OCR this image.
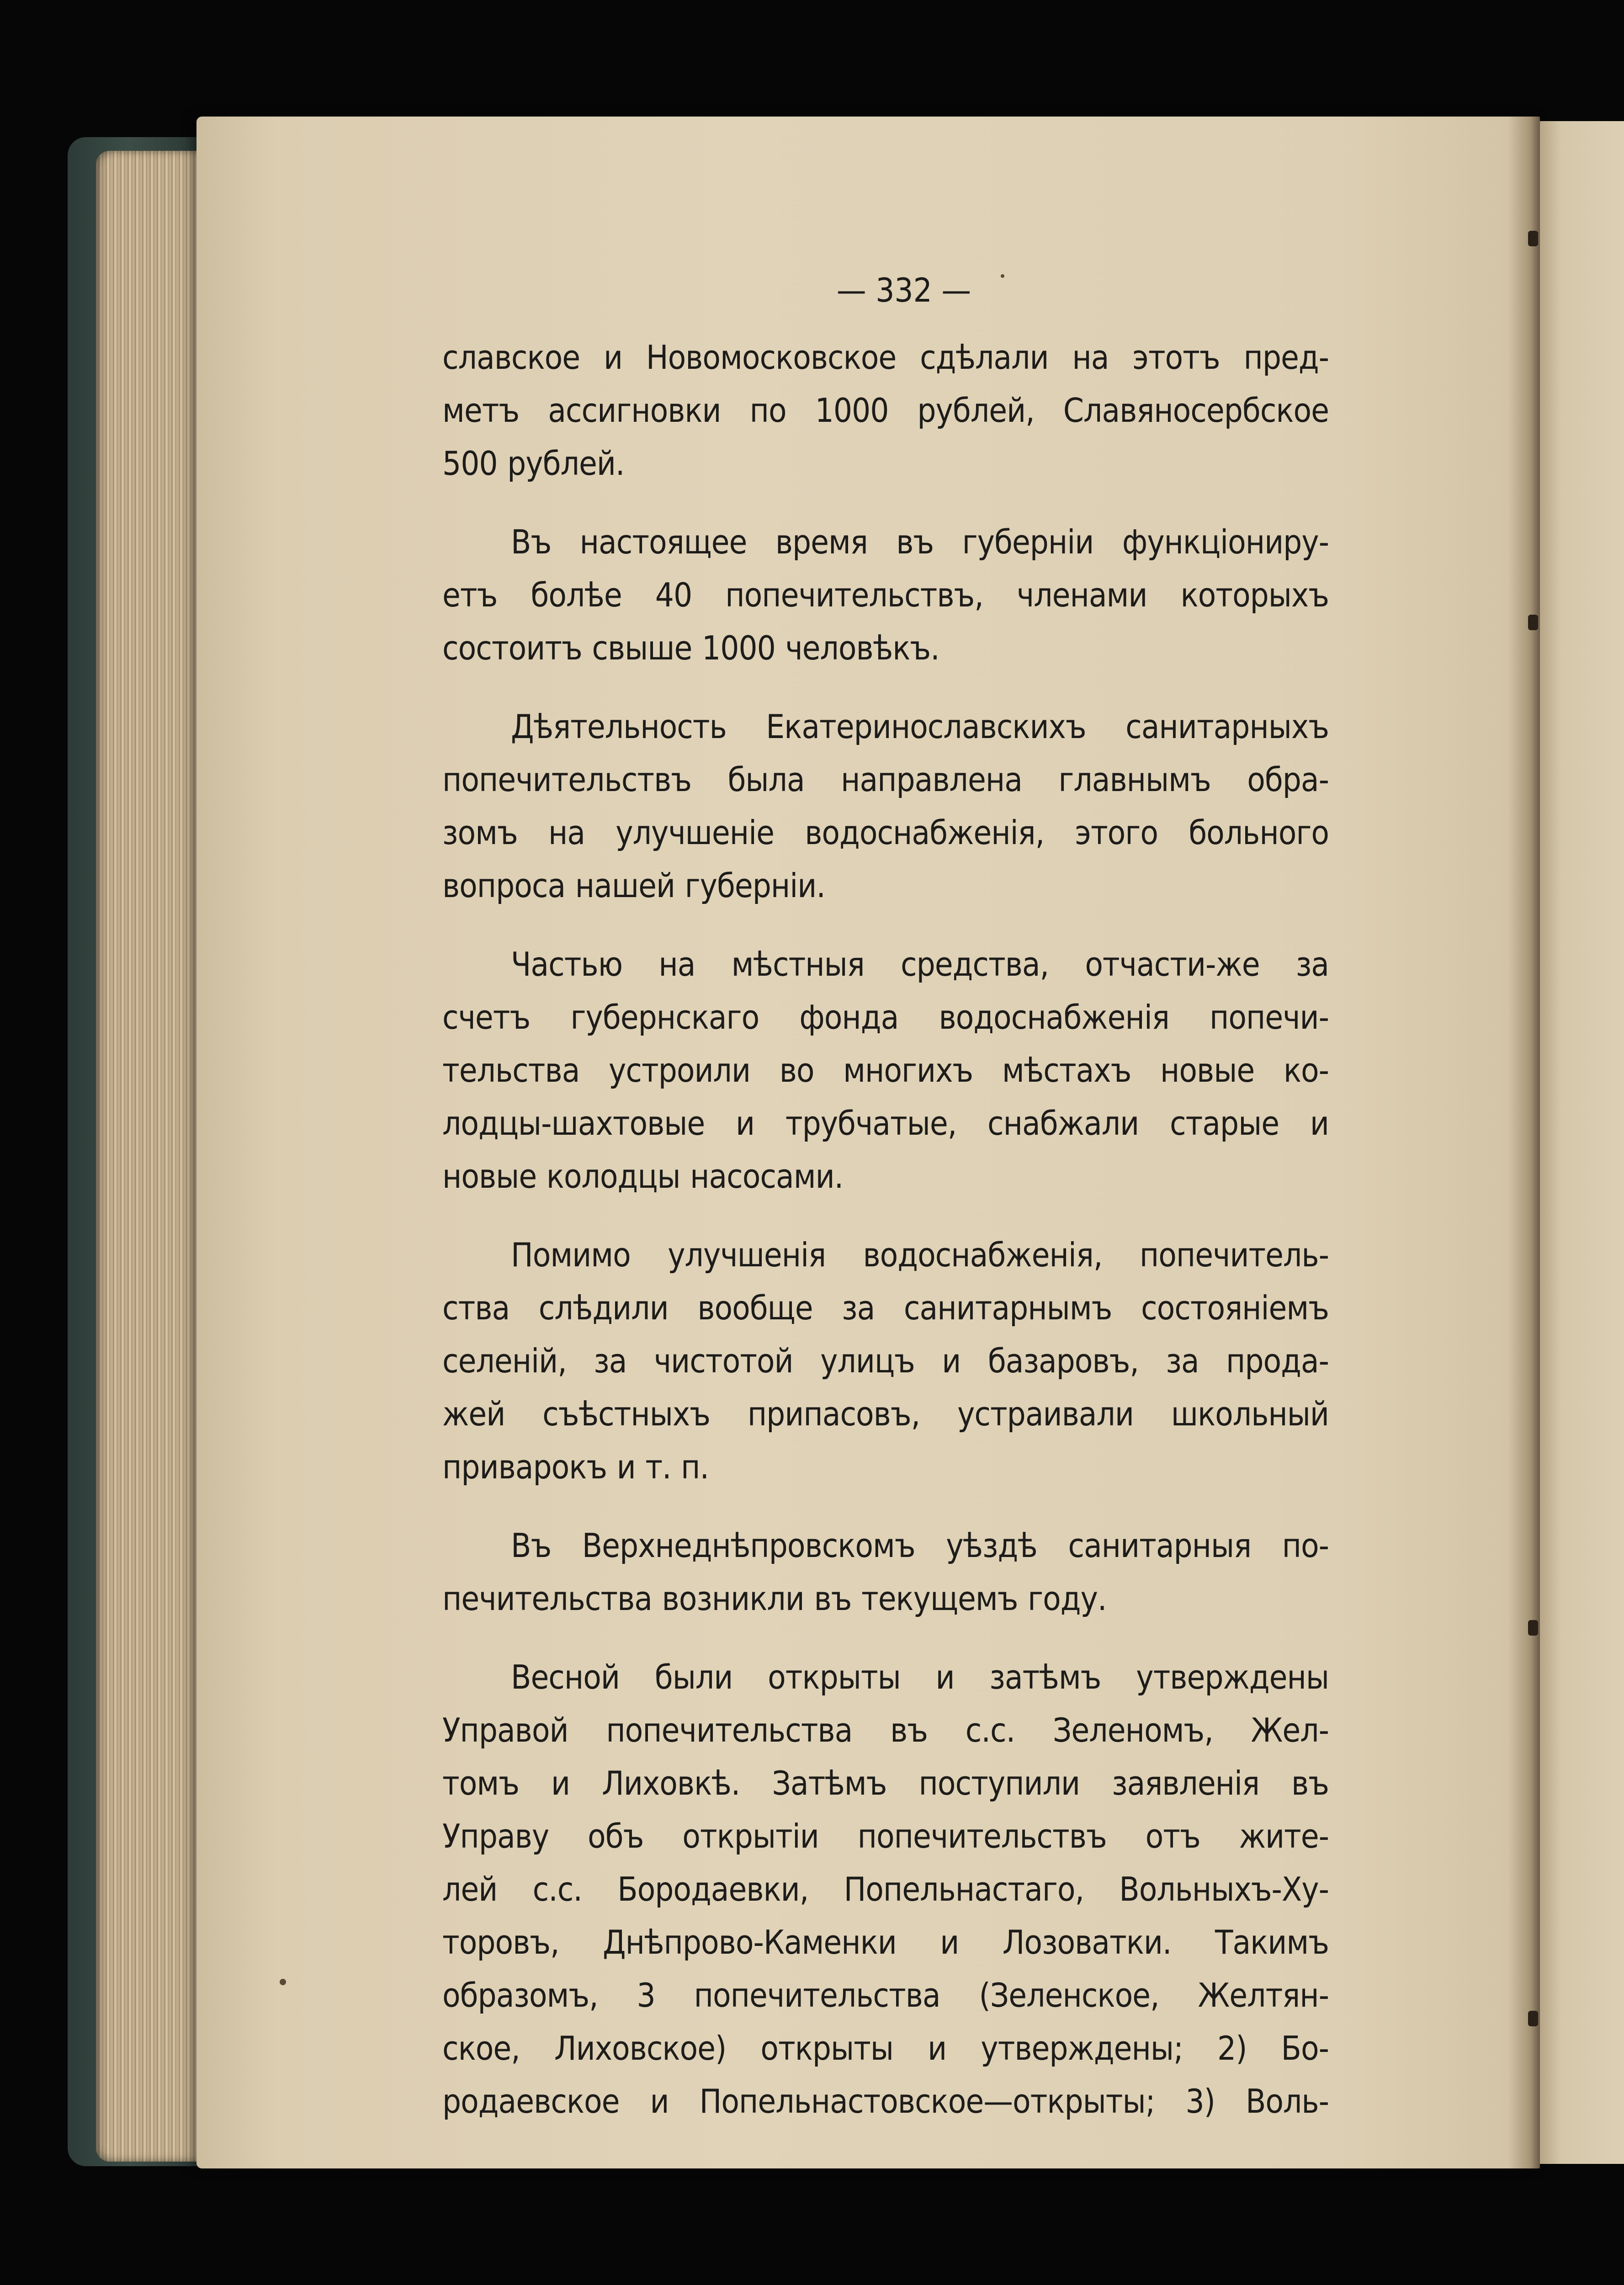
— 332 —
славское и Новомосковское сдѣлали на этотъ пред-
метъ ассигновки по 1000 рублей, Славяносербское
500 рублей.
Въ настоящее время въ губерніи функціониру-
етъ болѣе 40 попечительствъ, членами которыхъ
состоитъ свыше 1000 человѣкъ.
Дѣятельность Екатеринославскихъ санитарныхъ
попечительствъ была направлена главнымъ обра-
зомъ на улучшеніе водоснабженія, этого больного
вопроса нашей губерніи.
Частью на мѣстныя средства, отчасти-же за
счетъ губернскаго фонда водоснабженія попечи-
тельства устроили во многихъ мѣстахъ новые ко-
лодцы-шахтовые и трубчатые, снабжали старые и
новые колодцы насосами.
Помимо улучшенія водоснабженія, попечитель-
ства слѣдили вообще за санитарнымъ состояніемъ
селеній, за чистотой улицъ и базаровъ, за прода-
жей съѣстныхъ припасовъ, устраивали школьный
приварокъ и т. п.
Въ Верхнеднѣпровскомъ уѣздѣ санитарныя по-
печительства возникли въ текущемъ году.
Весной были открыты и затѣмъ утверждены
Управой попечительства въ с.с. Зеленомъ, Жел-
томъ и Лиховкѣ. Затѣмъ поступили заявленія въ
Управу объ открытіи попечительствъ отъ жите-
лей с.с. Бородаевки, Попельнастаго, Вольныхъ-Ху-
торовъ, Днѣпрово-Каменки и Лозоватки. Такимъ
образомъ, 3 попечительства (Зеленское, Желтян-
ское, Лиховское) открыты и утверждены; 2) Бо-
родаевское и Попельнастовское—открыты; 3) Воль-
